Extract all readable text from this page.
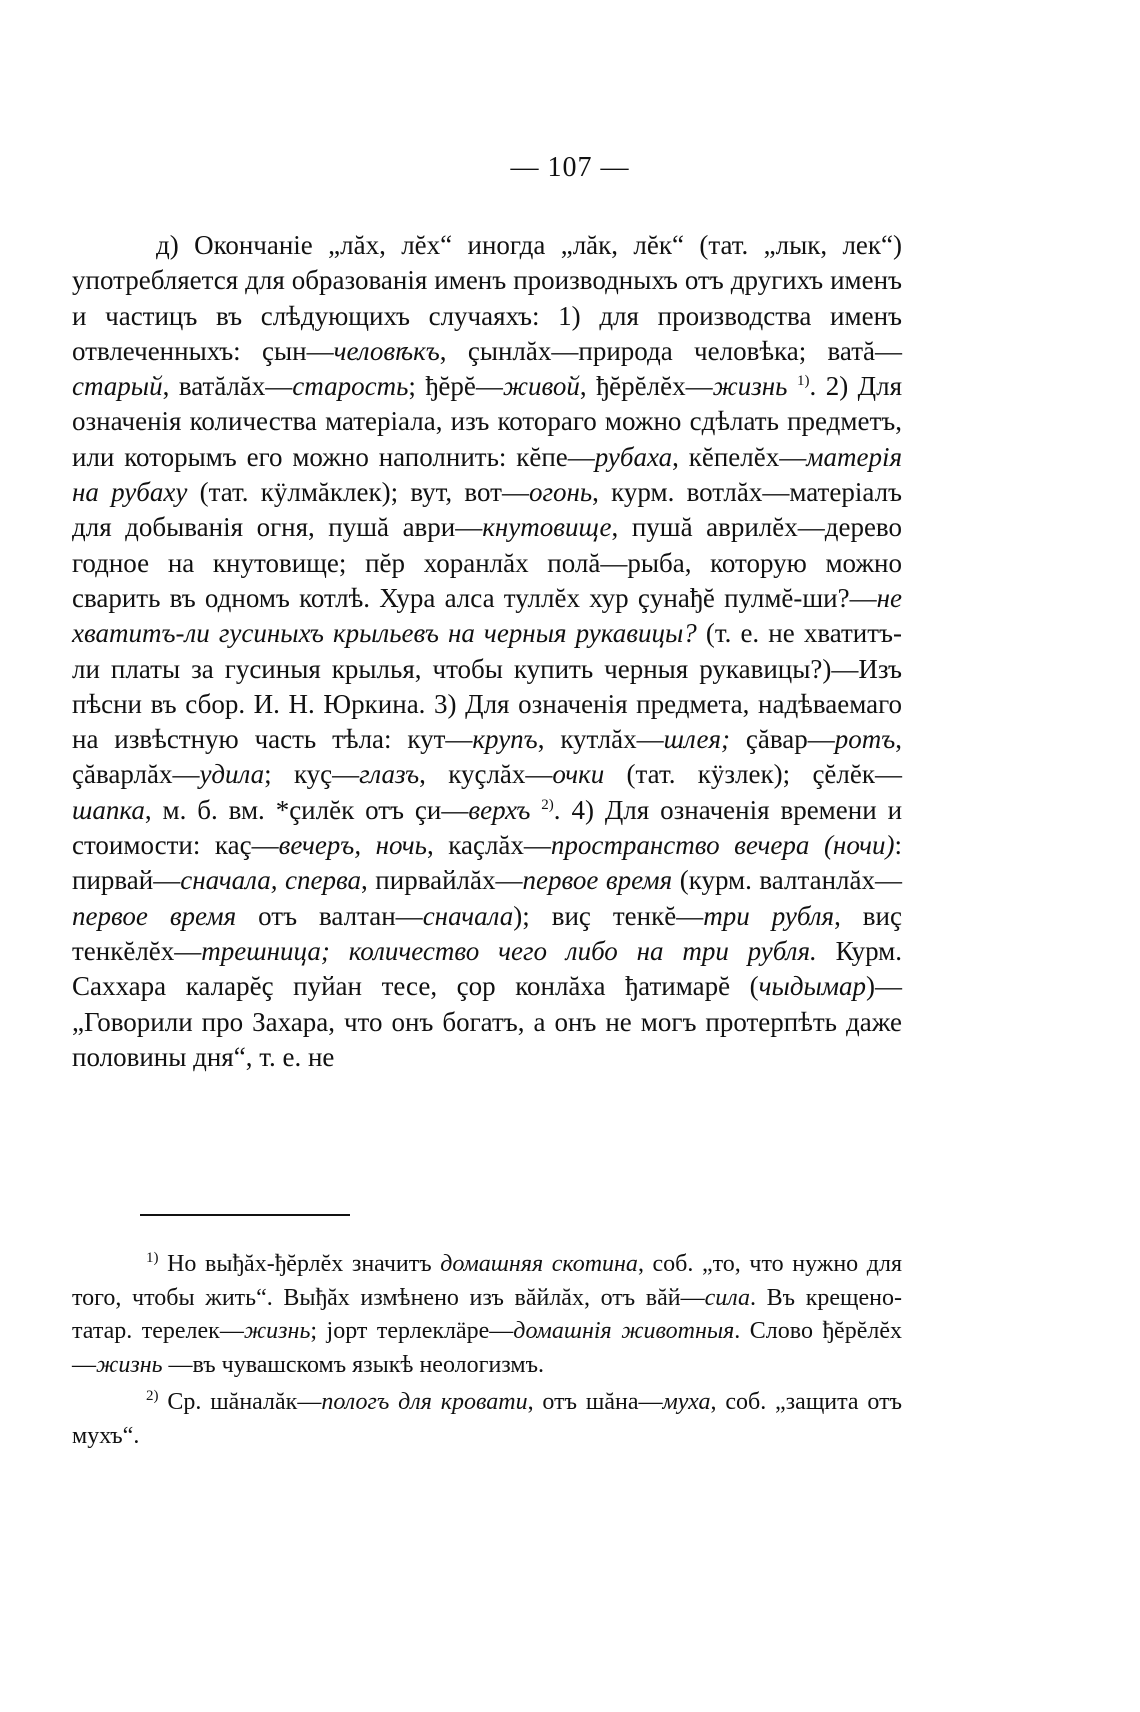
— 107 —

д) Окончаніе „лăх, лĕх“ иногда „лăк, лĕк“ (тат. „лык, лек“) употребляется для образованія именъ производныхъ отъ другихъ именъ и частицъ въ слѣдующихъ случаяхъ: 1) для производства именъ отвлеченныхъ: çын—человѣкъ, çынлăх—природа человѣка; ватă—старый, ватăлăх—старость; ђĕрĕ—живой, ђĕрĕлĕх—жизнь $^{1)}$. 2) Для означенія количества матеріала, изъ котораго можно сдѣлать предметъ, или которымъ его можно наполнить: кĕпе—рубаха, кĕпелĕх—матерія на рубаху (тат. кӱлмăклек); вут, вот—огонь, курм. вотлăх—матеріалъ для добыванія огня, пушă аври—кнутовище, пушă аврилĕх—дерево годное на кнутовище; пĕр хоранлăх полă—рыба, которую можно сварить въ одномъ котлѣ. Хура алса туллĕх хур çунађĕ пулмĕ-ши?—не хватитъ-ли гусиныхъ крыльевъ на черныя рукавицы? (т. е. не хватитъ-ли платы за гусиныя крылья, чтобы купить черныя рукавицы?)—Изъ пѣсни въ сбор. И. Н. Юркина. 3) Для означенія предмета, надѣваемаго на извѣстную часть тѣла: кут—крупъ, кутлăх—шлея; çăвар—ротъ, çăварлăх—удила; куç—глазъ, куçлăх—очки (тат. кӱзлек); çĕлĕк—шапка, м. б. вм. *çилĕк отъ çи—верхъ $^{2)}$. 4) Для означенія времени и стоимости: каç—вечеръ, ночь, каçлăх—пространство вечера (ночи): пирвай—сначала, сперва, пирвайлăх—первое время (курм. валтанлăх—первое время отъ валтан—сначала); виç тенкĕ—три рубля, виç тенкĕлĕх—трешница; количество чего либо на три рубля. Курм. Саххара каларĕç пуйан тесе, çор конлăха ђатимарĕ (чыдымар)—„Говорили про Захара, что онъ богатъ, а онъ не могъ протерпѣть даже половины дня“, т. е. не

$^{1)}$ Но выђăх-ђĕрлĕх значитъ домашняя скотина, соб. „то, что нужно для того, чтобы жить“. Выђăх измѣнено изъ вăйлăх, отъ вăй—сила. Въ крещено-татар. терелек—жизнь; jорт терлеклäре—домашнія животныя. Слово ђĕрĕлĕх—жизнь —въ чувашскомъ языкѣ неологизмъ.

$^{2)}$ Ср. шăналăк—пологъ для кровати, отъ шăна—муха, соб. „защита отъ мухъ“.
